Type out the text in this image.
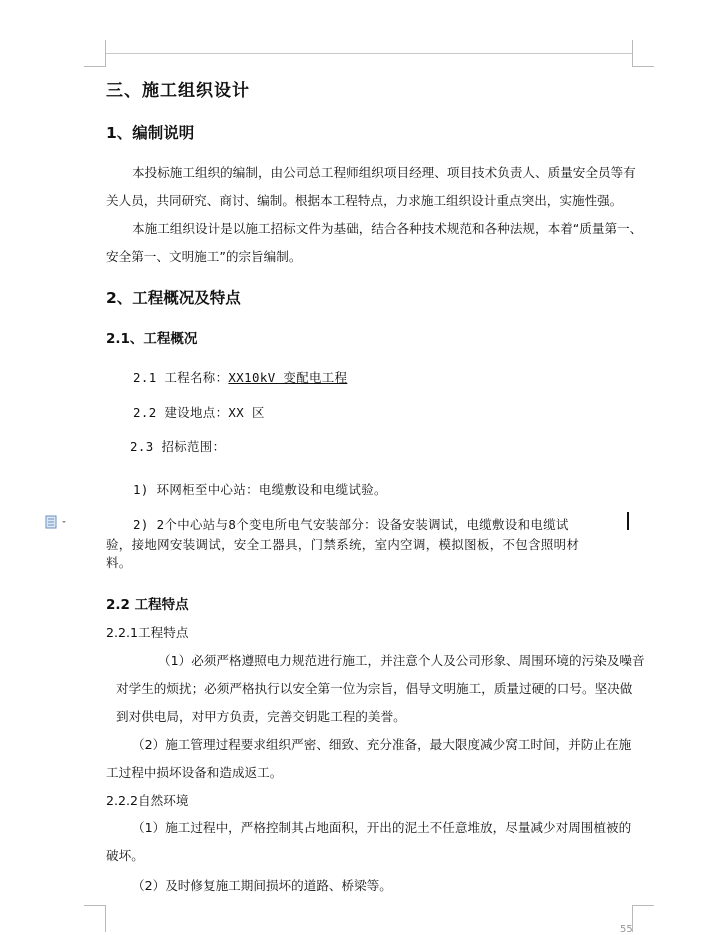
三、施工组织设计
1、编制说明
本投标施工组织的编制，由公司总工程师组织项目经理、项目技术负责人、质量安全员等有
关人员，共同研究、商讨、编制。根据本工程特点，力求施工组织设计重点突出，实施性强。
本施工组织设计是以施工招标文件为基础，结合各种技术规范和各种法规，本着“质量第一、
安全第一、文明施工”的宗旨编制。
2、工程概况及特点
2.1、工程概况
2.1 工程名称：XX10kV 变配电工程
2.2 建设地点：XX 区
2.3 招标范围：
1) 环网柜至中心站：电缆敷设和电缆试验。
2) 2个中心站与8个变电所电气安装部分：设备安装调试，电缆敷设和电缆试
验，接地网安装调试，安全工器具，门禁系统，室内空调，模拟图板，不包含照明材
料。
2.2 工程特点
2.2.1工程特点
（1）必须严格遵照电力规范进行施工，并注意个人及公司形象、周围环境的污染及噪音
对学生的烦扰；必须严格执行以安全第一位为宗旨，倡导文明施工，质量过硬的口号。坚决做
到对供电局，对甲方负责，完善交钥匙工程的美誉。
（2）施工管理过程要求组织严密、细致、充分准备，最大限度减少窝工时间，并防止在施
工过程中损坏设备和造成返工。
2.2.2自然环境
（1）施工过程中，严格控制其占地面积，开出的泥土不任意堆放，尽量减少对周围植被的
破坏。
（2）及时修复施工期间损坏的道路、桥梁等。
55
